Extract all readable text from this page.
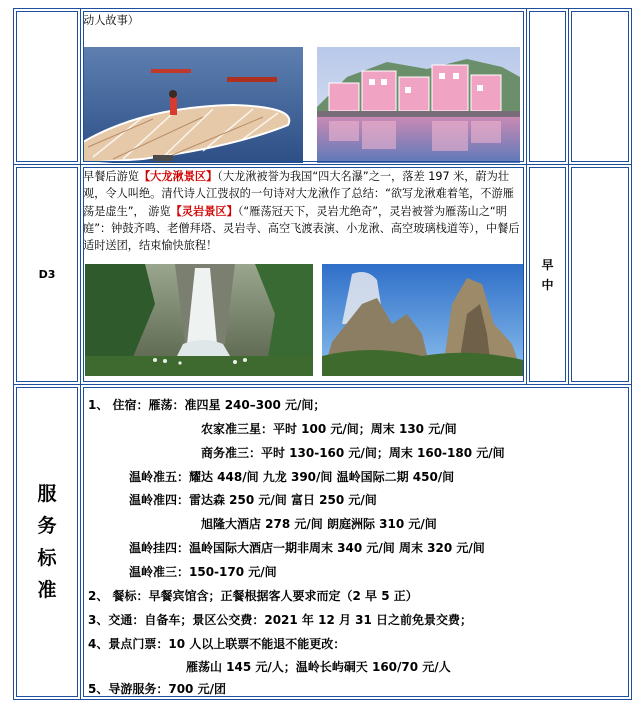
动人故事）
D3
早餐后游览【大龙湫景区】（大龙湫被誉为我国“四大名瀑”之一，落差 197 米，蔚为壮观，令人叫绝。清代诗人江弢叔的一句诗对大龙湫作了总结：“欲写龙湫难着笔，不游雁荡是虚生”， 游览【灵岩景区】（“雁荡冠天下，灵岩尤绝奇”，灵岩被誉为雁荡山之“明庭”：钟鼓齐鸣、老僧拜塔、灵岩寺、高空飞渡表演、小龙湫、高空玻璃栈道等），中餐后适时送团，结束愉快旅程！
早
中
服
务
标
准
1、 住宿：雁荡：准四星 240–300 元/间；
农家准三星：平时 100 元/间；周末 130 元/间
商务准三：平时 130-160 元/间；周末 160-180 元/间
温岭准五：耀达 448/间 九龙 390/间 温岭国际二期 450/间
温岭准四：雷达森 250 元/间 富日 250 元/间
旭隆大酒店 278 元/间 朗庭洲际 310 元/间
温岭挂四：温岭国际大酒店一期非周末 340 元/间 周末 320 元/间
温岭准三：150-170 元/间
2、 餐标：早餐宾馆含；正餐根据客人要求而定（2 早 5 正）
3、交通：自备车；景区公交费：2021 年 12 月 31 日之前免景交费；
4、景点门票：10 人以上联票不能退不能更改：
雁荡山 145 元/人；温岭长屿硐天 160/70 元/人
5、导游服务：700 元/团
